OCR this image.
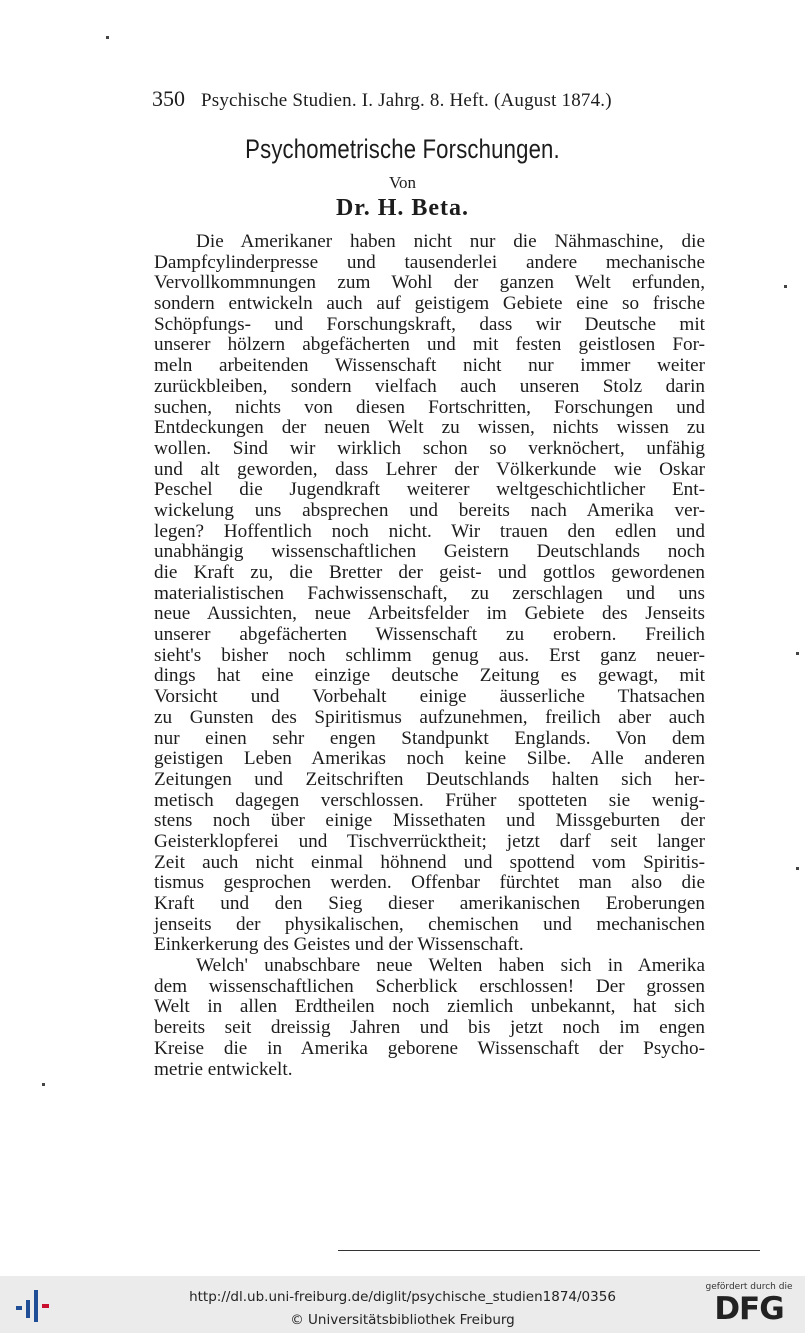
350 Psychische Studien. I. Jahrg. 8. Heft. (August 1874.)
Psychometrische Forschungen.
Von
Dr. H. Beta.
Die Amerikaner haben nicht nur die Nähmaschine, die
Dampfcylinderpresse und tausenderlei andere mechanische
Vervollkommnungen zum Wohl der ganzen Welt erfunden,
sondern entwickeln auch auf geistigem Gebiete eine so frische
Schöpfungs- und Forschungskraft, dass wir Deutsche mit
unserer hölzern abgefächerten und mit festen geistlosen For-
meln arbeitenden Wissenschaft nicht nur immer weiter
zurückbleiben, sondern vielfach auch unseren Stolz darin
suchen, nichts von diesen Fortschritten, Forschungen und
Entdeckungen der neuen Welt zu wissen, nichts wissen zu
wollen. Sind wir wirklich schon so verknöchert, unfähig
und alt geworden, dass Lehrer der Völkerkunde wie Oskar
Peschel die Jugendkraft weiterer weltgeschichtlicher Ent-
wickelung uns absprechen und bereits nach Amerika ver-
legen? Hoffentlich noch nicht. Wir trauen den edlen und
unabhängig wissenschaftlichen Geistern Deutschlands noch
die Kraft zu, die Bretter der geist- und gottlos gewordenen
materialistischen Fachwissenschaft, zu zerschlagen und uns
neue Aussichten, neue Arbeitsfelder im Gebiete des Jenseits
unserer abgefächerten Wissenschaft zu erobern. Freilich
sieht's bisher noch schlimm genug aus. Erst ganz neuer-
dings hat eine einzige deutsche Zeitung es gewagt, mit
Vorsicht und Vorbehalt einige äusserliche Thatsachen
zu Gunsten des Spiritismus aufzunehmen, freilich aber auch
nur einen sehr engen Standpunkt Englands. Von dem
geistigen Leben Amerikas noch keine Silbe. Alle anderen
Zeitungen und Zeitschriften Deutschlands halten sich her-
metisch dagegen verschlossen. Früher spotteten sie wenig-
stens noch über einige Missethaten und Missgeburten der
Geisterklopferei und Tischverrücktheit; jetzt darf seit langer
Zeit auch nicht einmal höhnend und spottend vom Spiritis-
tismus gesprochen werden. Offenbar fürchtet man also die
Kraft und den Sieg dieser amerikanischen Eroberungen
jenseits der physikalischen, chemischen und mechanischen
Einkerkerung des Geistes und der Wissenschaft.
Welch' unabschbare neue Welten haben sich in Amerika
dem wissenschaftlichen Scherblick erschlossen! Der grossen
Welt in allen Erdtheilen noch ziemlich unbekannt, hat sich
bereits seit dreissig Jahren und bis jetzt noch im engen
Kreise die in Amerika geborene Wissenschaft der Psycho-
metrie entwickelt.
http://dl.ub.uni-freiburg.de/diglit/psychische_studien1874/0356
© Universitätsbibliothek Freiburg
gefördert durch die
DFG
